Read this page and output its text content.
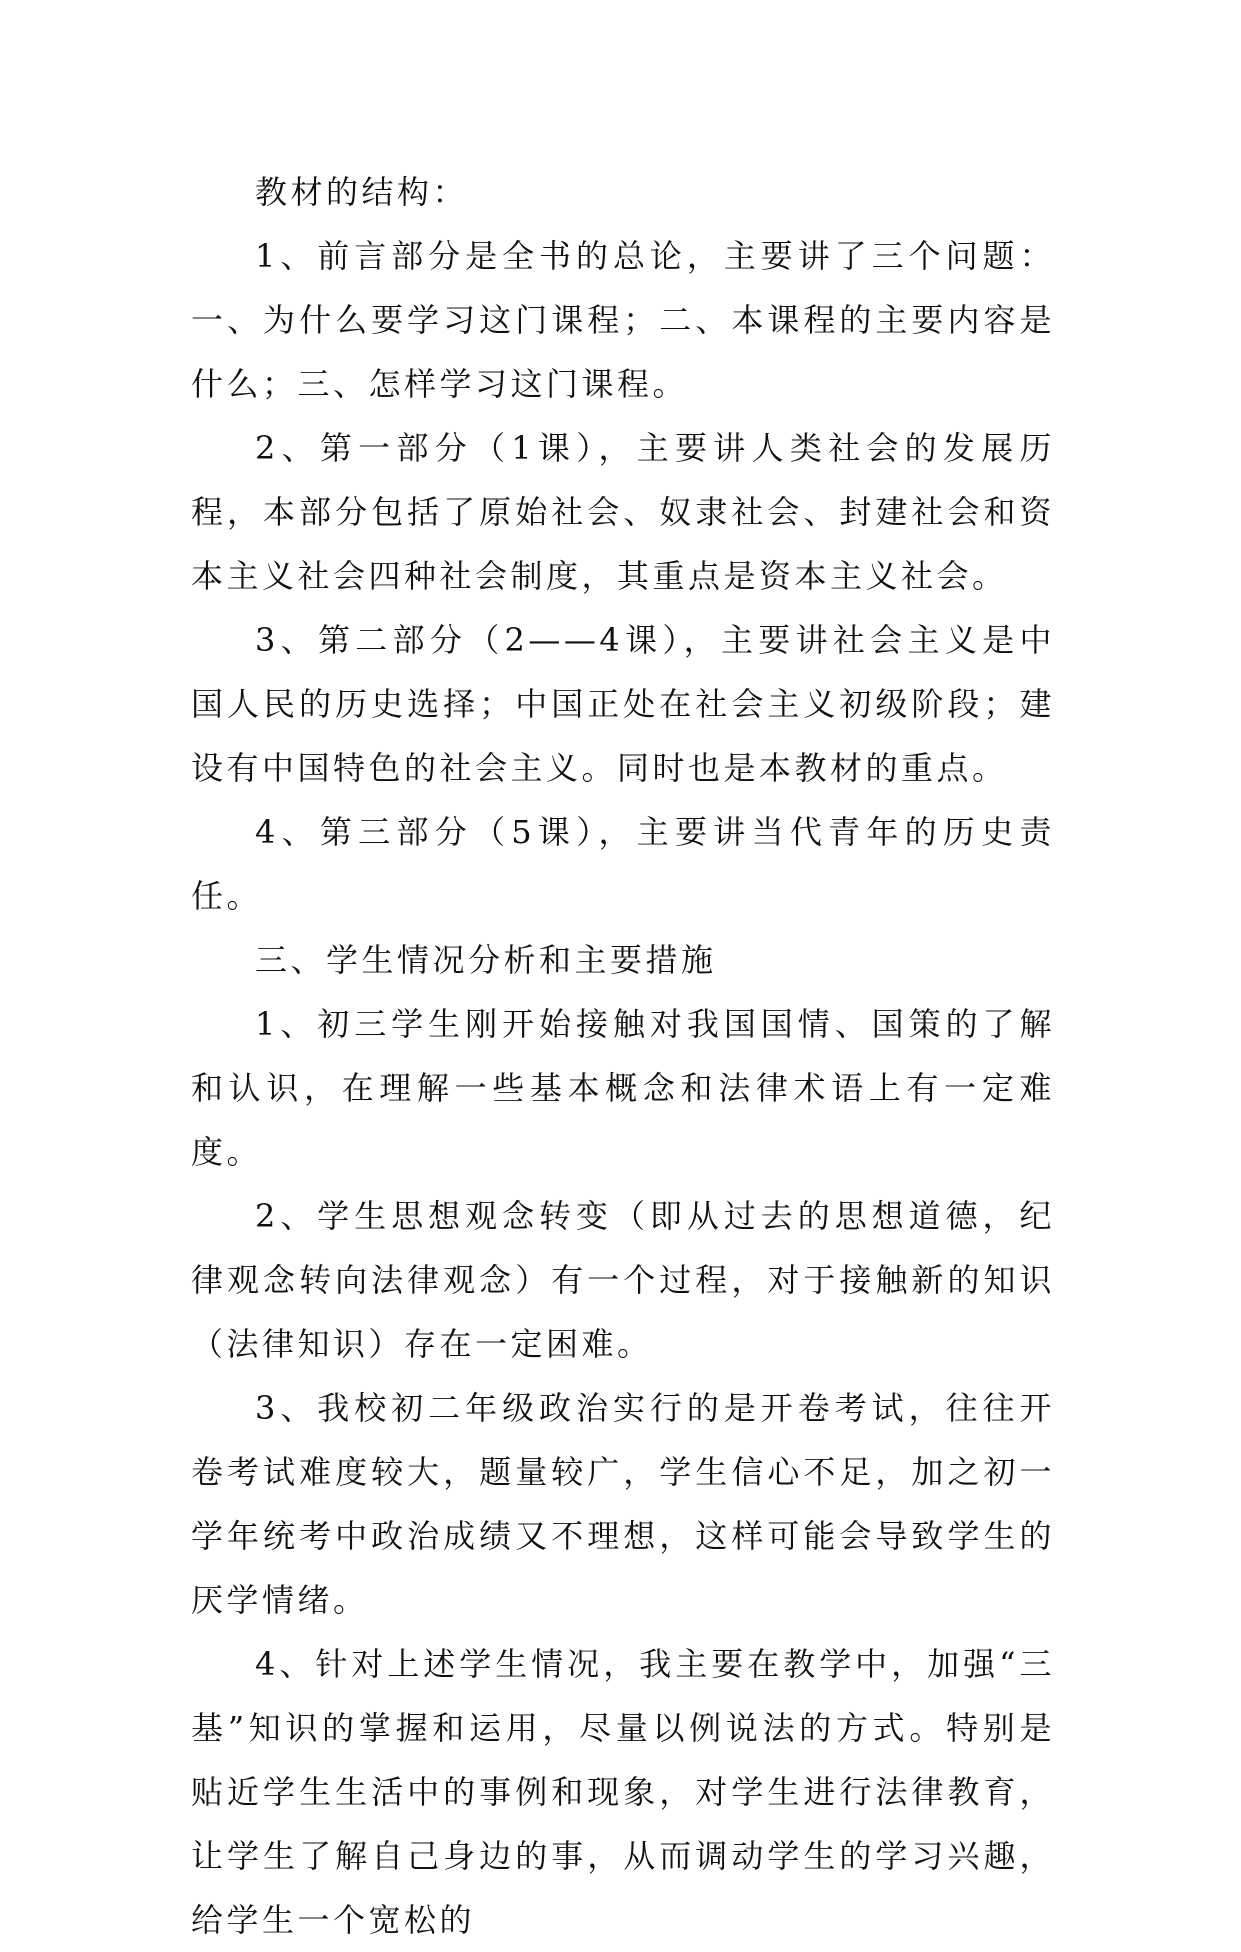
教材的结构：

1、前言部分是全书的总论，主要讲了三个问题：一、为什么要学习这门课程；二、本课程的主要内容是什么；三、怎样学习这门课程。

2、第一部分（1课），主要讲人类社会的发展历程，本部分包括了原始社会、奴隶社会、封建社会和资本主义社会四种社会制度，其重点是资本主义社会。

3、第二部分（2——4课），主要讲社会主义是中国人民的历史选择；中国正处在社会主义初级阶段；建设有中国特色的社会主义。同时也是本教材的重点。

4、第三部分（5课），主要讲当代青年的历史责任。

三、学生情况分析和主要措施

1、初三学生刚开始接触对我国国情、国策的了解和认识，在理解一些基本概念和法律术语上有一定难度。

2、学生思想观念转变（即从过去的思想道德，纪律观念转向法律观念）有一个过程，对于接触新的知识（法律知识）存在一定困难。

3、我校初二年级政治实行的是开卷考试，往往开卷考试难度较大，题量较广，学生信心不足，加之初一学年统考中政治成绩又不理想，这样可能会导致学生的厌学情绪。

4、针对上述学生情况，我主要在教学中，加强“三基”知识的掌握和运用，尽量以例说法的方式。特别是贴近学生生活中的事例和现象，对学生进行法律教育，让学生了解自己身边的事，从而调动学生的学习兴趣，给学生一个宽松的
